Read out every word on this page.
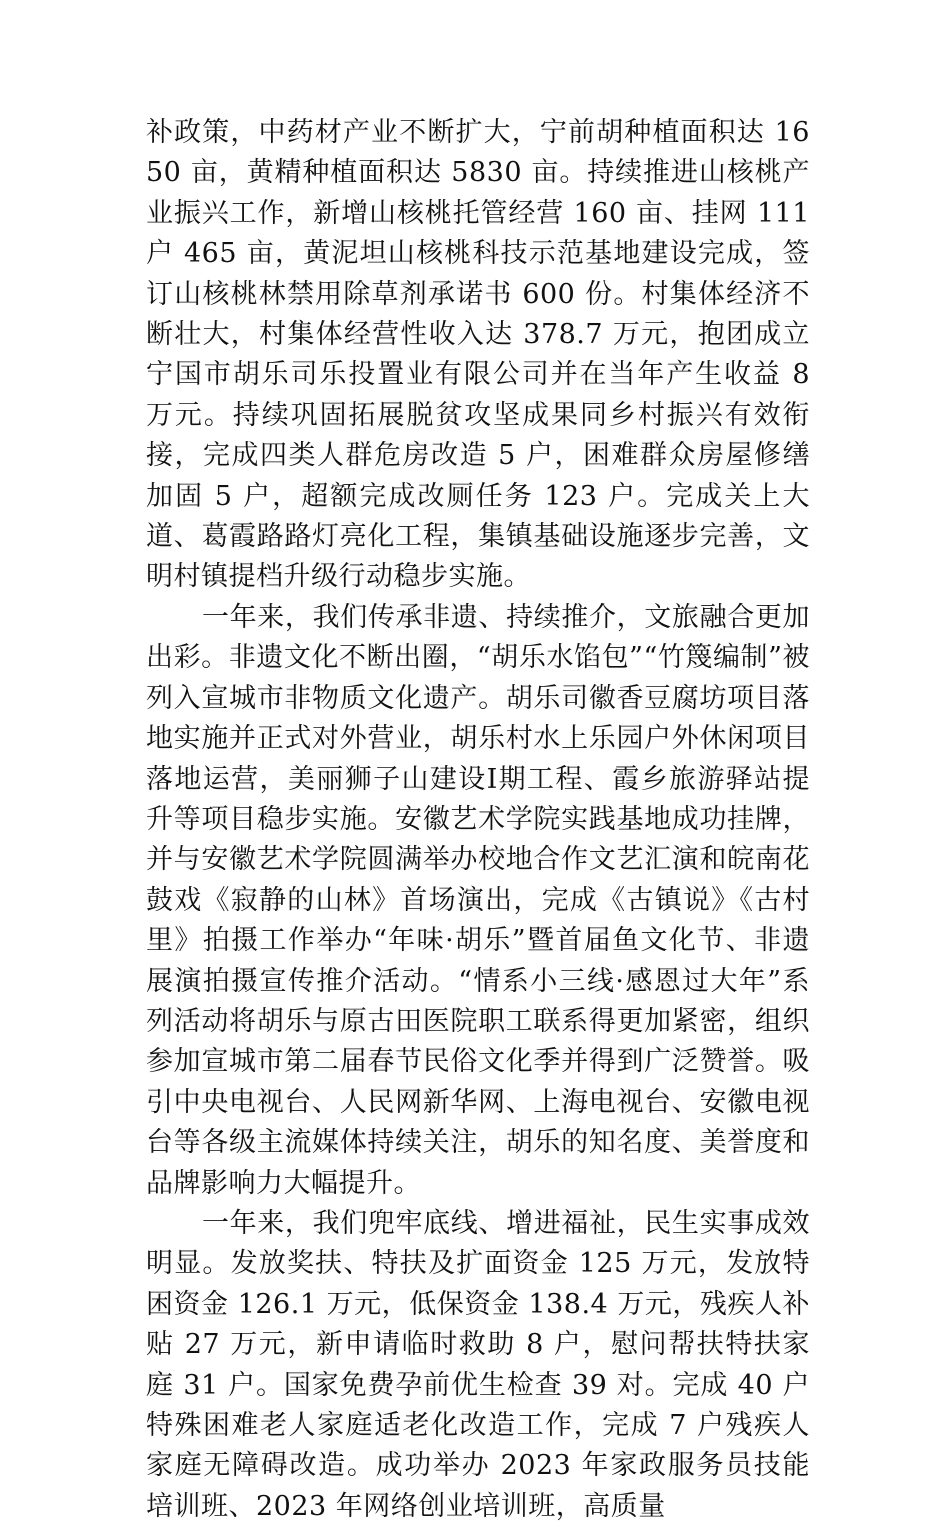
补政策，中药材产业不断扩大，宁前胡种植面积达 1650 亩，黄精种植面积达 5830 亩。持续推进山核桃产业振兴工作，新增山核桃托管经营 160 亩、挂网 111 户 465 亩，黄泥坦山核桃科技示范基地建设完成，签订山核桃林禁用除草剂承诺书 600 份。村集体经济不断壮大，村集体经营性收入达 378.7 万元，抱团成立宁国市胡乐司乐投置业有限公司并在当年产生收益 8 万元。持续巩固拓展脱贫攻坚成果同乡村振兴有效衔接，完成四类人群危房改造 5 户，困难群众房屋修缮加固 5 户，超额完成改厕任务 123 户。完成关上大道、葛霞路路灯亮化工程，集镇基础设施逐步完善，文明村镇提档升级行动稳步实施。

一年来，我们传承非遗、持续推介，文旅融合更加出彩。非遗文化不断出圈，“胡乐水馅包”“竹篾编制”被列入宣城市非物质文化遗产。胡乐司徽香豆腐坊项目落地实施并正式对外营业，胡乐村水上乐园户外休闲项目落地运营，美丽狮子山建设Ⅰ期工程、霞乡旅游驿站提升等项目稳步实施。安徽艺术学院实践基地成功挂牌，并与安徽艺术学院圆满举办校地合作文艺汇演和皖南花鼓戏《寂静的山林》首场演出，完成《古镇说》《古村里》拍摄工作举办“年味·胡乐”暨首届鱼文化节、非遗展演拍摄宣传推介活动。“情系小三线·感恩过大年”系列活动将胡乐与原古田医院职工联系得更加紧密，组织参加宣城市第二届春节民俗文化季并得到广泛赞誉。吸引中央电视台、人民网新华网、上海电视台、安徽电视台等各级主流媒体持续关注，胡乐的知名度、美誉度和品牌影响力大幅提升。

一年来，我们兜牢底线、增进福祉，民生实事成效明显。发放奖扶、特扶及扩面资金 125 万元，发放特困资金 126.1 万元，低保资金 138.4 万元，残疾人补贴 27 万元，新申请临时救助 8 户，慰问帮扶特扶家庭 31 户。国家免费孕前优生检查 39 对。完成 40 户特殊困难老人家庭适老化改造工作，完成 7 户残疾人家庭无障碍改造。成功举办 2023 年家政服务员技能培训班、2023 年网络创业培训班，高质量
